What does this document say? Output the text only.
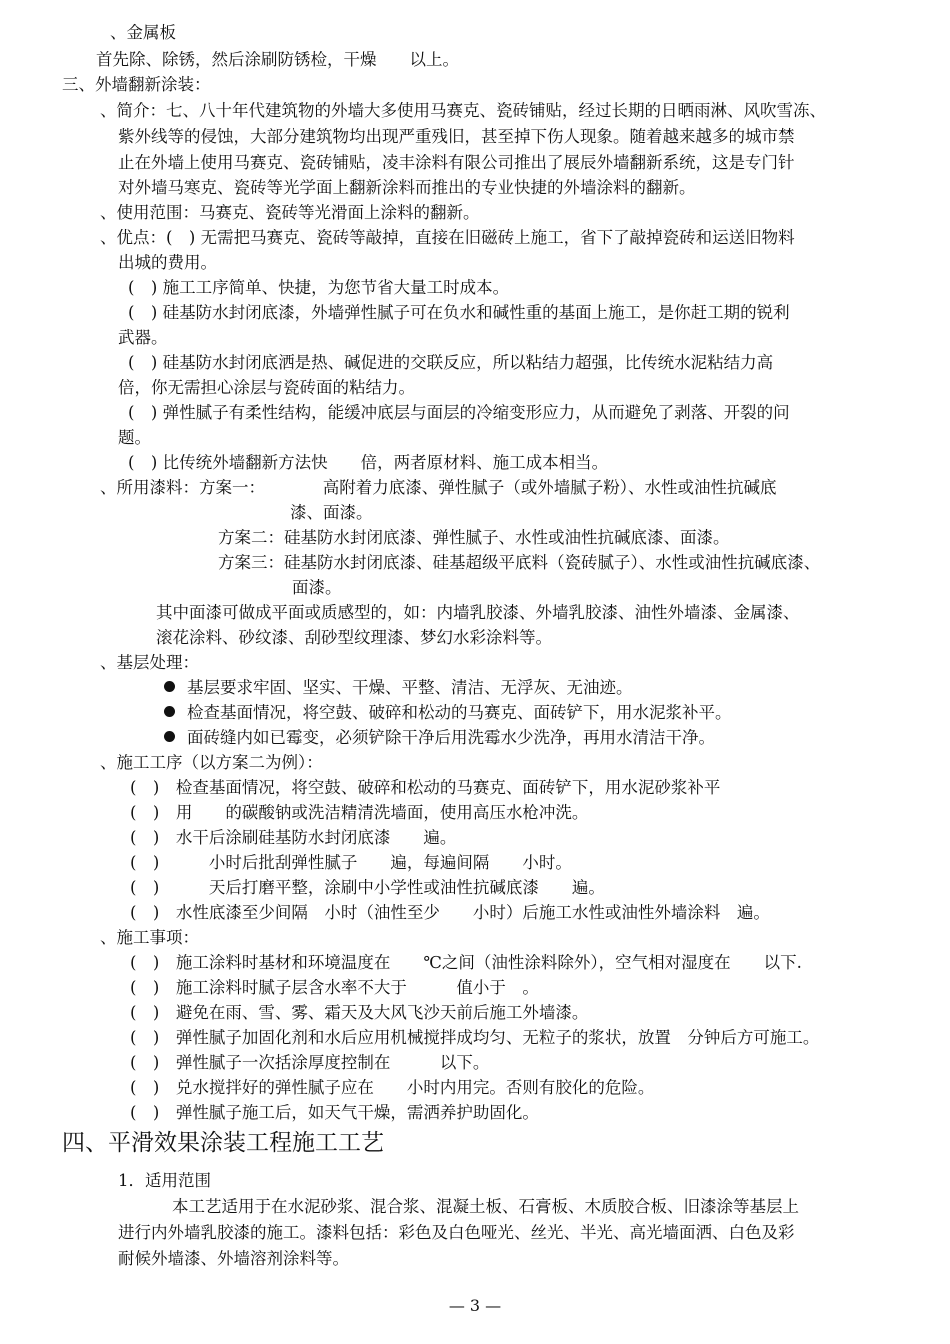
、金属板
首先除、除锈，然后涂刷防锈检，干燥　　以上。
三、外墙翻新涂装：
、简介：七、八十年代建筑物的外墙大多使用马赛克、瓷砖铺贴，经过长期的日晒雨淋、风吹雪冻、
紫外线等的侵蚀，大部分建筑物均出现严重残旧，甚至掉下伤人现象。随着越来越多的城市禁
止在外墙上使用马赛克、瓷砖铺贴，凌丰涂料有限公司推出了展辰外墙翻新系统，这是专门针
对外墙马寒克、瓷砖等光学面上翻新涂料而推出的专业快捷的外墙涂料的翻新。
、使用范围：马赛克、瓷砖等光滑面上涂料的翻新。
、优点：(　) 无需把马赛克、瓷砖等敲掉，直接在旧磁砖上施工，省下了敲掉瓷砖和运送旧物料
出城的费用。
(　) 施工工序简单、快捷，为您节省大量工时成本。
(　) 硅基防水封闭底漆，外墙弹性腻子可在负水和碱性重的基面上施工，是你赶工期的锐利
武器。
(　) 硅基防水封闭底洒是热、碱促进的交联反应，所以粘结力超强，比传统水泥粘结力高
倍，你无需担心涂层与瓷砖面的粘结力。
(　) 弹性腻子有柔性结构，能缓冲底层与面层的冷缩变形应力，从而避免了剥落、开裂的问
题。
(　) 比传统外墙翻新方法快　　倍，两者原材料、施工成本相当。
、所用漆料：方案一：　　　　高附着力底漆、弹性腻子（或外墙腻子粉）、水性或油性抗碱底
漆、面漆。
方案二：硅基防水封闭底漆、弹性腻子、水性或油性抗碱底漆、面漆。
方案三：硅基防水封闭底漆、硅基超级平底料（瓷砖腻子）、水性或油性抗碱底漆、
面漆。
其中面漆可做成平面或质感型的，如：内墙乳胶漆、外墙乳胶漆、油性外墙漆、金属漆、
滚花涂料、砂纹漆、刮砂型纹理漆、梦幻水彩涂料等。
、基层处理：
基层要求牢固、坚实、干燥、平整、清洁、无浮灰、无油迹。
检查基面情况，将空鼓、破碎和松动的马赛克、面砖铲下，用水泥浆补平。
面砖缝内如已霉变，必须铲除干净后用洗霉水少洗净，再用水清洁干净。
、施工工序（以方案二为例）：
(　)　检查基面情况，将空鼓、破碎和松动的马赛克、面砖铲下，用水泥砂浆补平
(　)　用　　的碳酸钠或洗洁精清洗墙面，使用高压水枪冲洗。
(　)　水干后涂刷硅基防水封闭底漆　　遍。
(　)　　　小时后批刮弹性腻子　　遍，每遍间隔　　小时。
(　)　　　天后打磨平整，涂刷中小学性或油性抗碱底漆　　遍。
(　)　水性底漆至少间隔　小时（油性至少　　小时）后施工水性或油性外墙涂料　遍。
、施工事项：
(　)　施工涂料时基材和环境温度在　　℃之间（油性涂料除外），空气相对湿度在　　以下.
(　)　施工涂料时腻子层含水率不大于　　　值小于　。
(　)　避免在雨、雪、雾、霜天及大风飞沙天前后施工外墙漆。
(　)　弹性腻子加固化剂和水后应用机械搅拌成均匀、无粒子的浆状，放置　分钟后方可施工。
(　)　弹性腻子一次括涂厚度控制在　　　以下。
(　)　兑水搅拌好的弹性腻子应在　　小时内用完。否则有胶化的危险。
(　)　弹性腻子施工后，如天气干燥，需洒养护助固化。
四、平滑效果涂装工程施工工艺
1．适用范围
本工艺适用于在水泥砂浆、混合浆、混凝土板、石膏板、木质胶合板、旧漆涂等基层上
进行内外墙乳胶漆的施工。漆料包括：彩色及白色哑光、丝光、半光、高光墙面洒、白色及彩
耐候外墙漆、外墙溶剂涂料等。
— 3 —
